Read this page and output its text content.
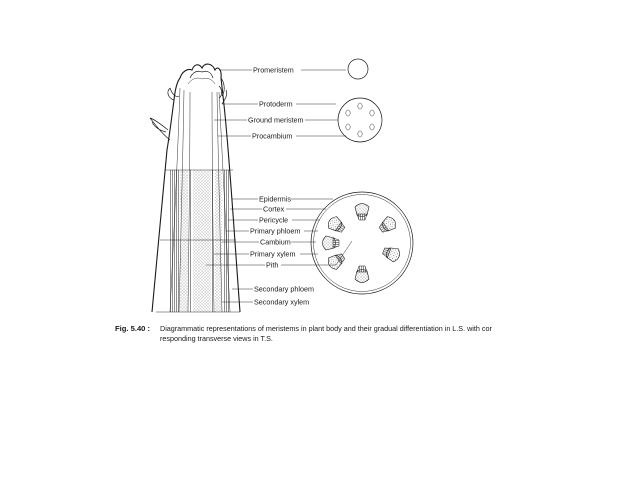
Promeristem
Protoderm
Ground meristem
Procambium
Epidermis
Cortex
Pericycle
Primary phloem
Cambium
Primary xylem
Pith
Secondary phloem
Secondary xylem
Fig. 5.40 : Diagrammatic representations of meristems in plant body and their gradual differentiation in L.S. with cor
responding transverse views in T.S.
